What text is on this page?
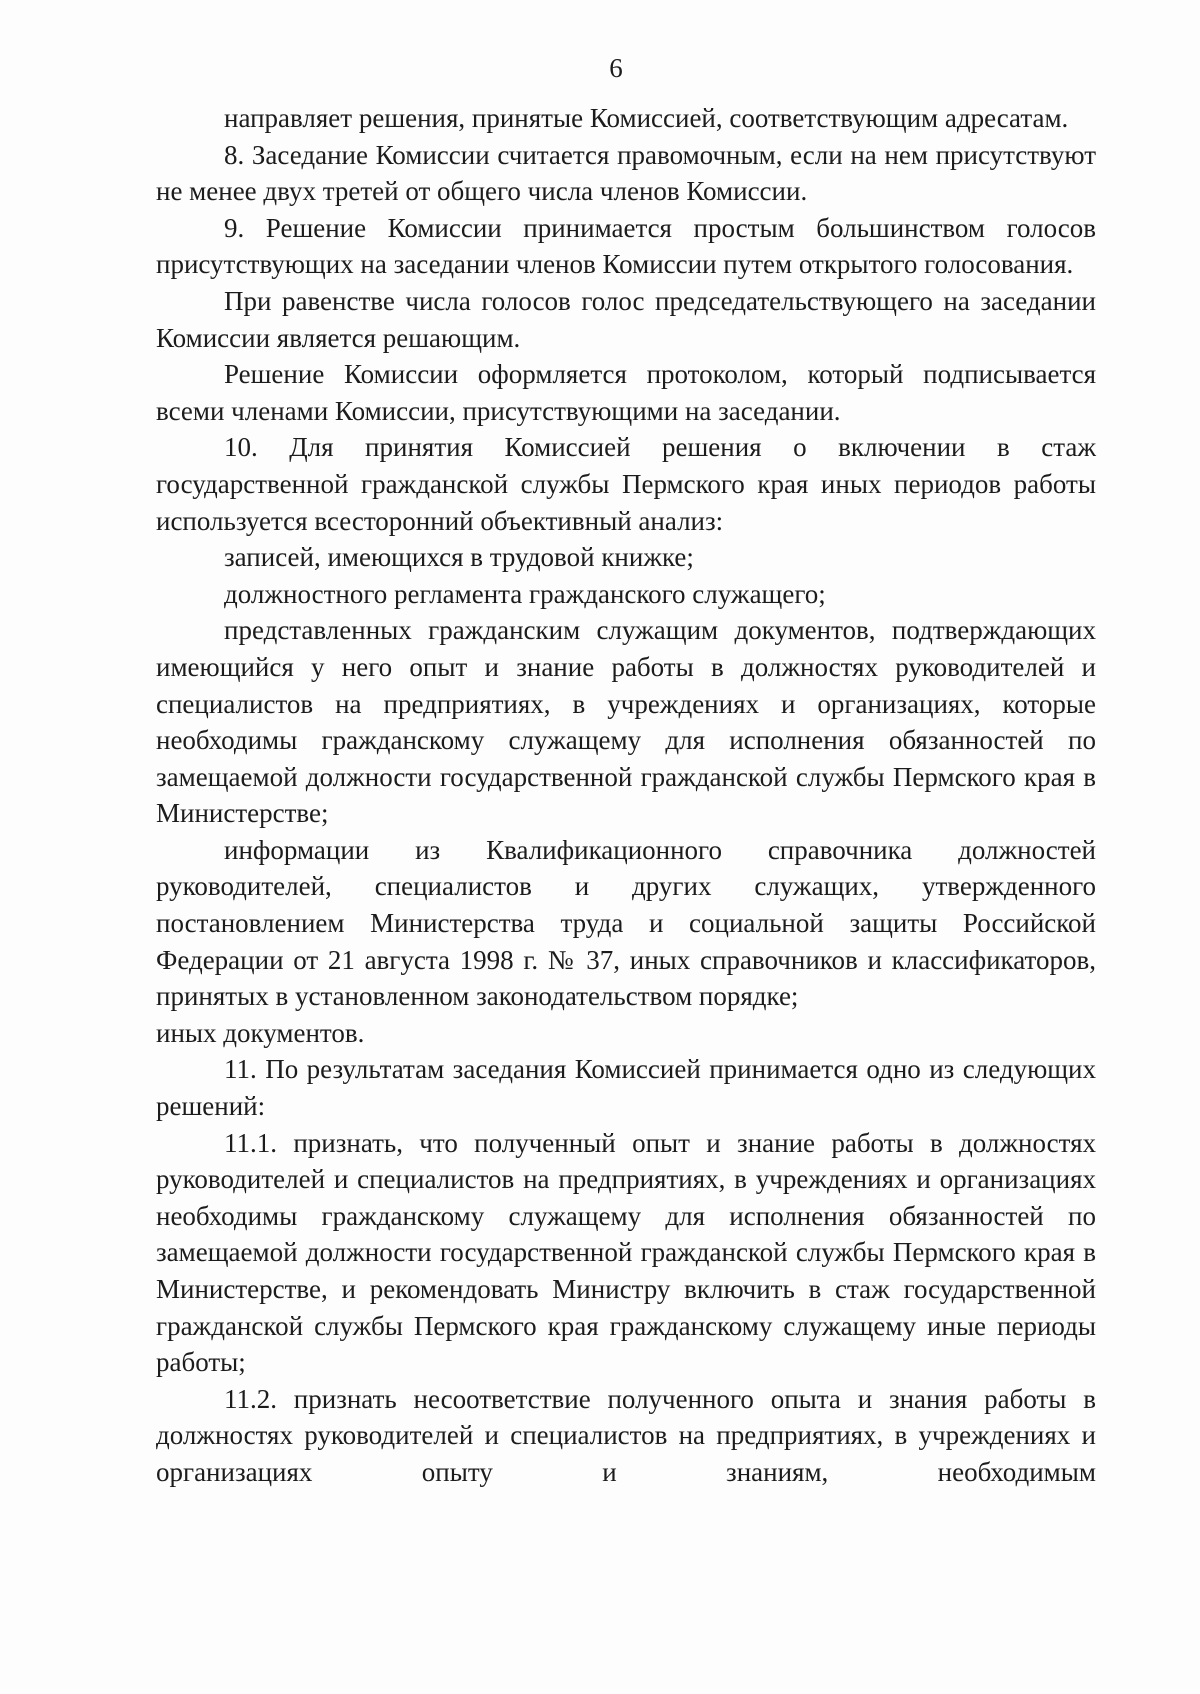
6

направляет решения, принятые Комиссией, соответствующим адресатам.

8. Заседание Комиссии считается правомочным, если на нем присутствуют не менее двух третей от общего числа членов Комиссии.

9. Решение Комиссии принимается простым большинством голосов присутствующих на заседании членов Комиссии путем открытого голосования.

При равенстве числа голосов голос председательствующего на заседании Комиссии является решающим.

Решение Комиссии оформляется протоколом, который подписывается всеми членами Комиссии, присутствующими на заседании.

10. Для принятия Комиссией решения о включении в стаж государственной гражданской службы Пермского края иных периодов работы используется всесторонний объективный анализ:

записей, имеющихся в трудовой книжке;

должностного регламента гражданского служащего;

представленных гражданским служащим документов, подтверждающих имеющийся у него опыт и знание работы в должностях руководителей и специалистов на предприятиях, в учреждениях и организациях, которые необходимы гражданскому служащему для исполнения обязанностей по замещаемой должности государственной гражданской службы Пермского края в Министерстве;

информации из Квалификационного справочника должностей руководителей, специалистов и других служащих, утвержденного постановлением Министерства труда и социальной защиты Российской Федерации от 21 августа 1998 г. № 37, иных справочников и классификаторов, принятых в установленном законодательством порядке;

иных документов.

11. По результатам заседания Комиссией принимается одно из следующих решений:

11.1. признать, что полученный опыт и знание работы в должностях руководителей и специалистов на предприятиях, в учреждениях и организациях необходимы гражданскому служащему для исполнения обязанностей по замещаемой должности государственной гражданской службы Пермского края в Министерстве, и рекомендовать Министру включить в стаж государственной гражданской службы Пермского края гражданскому служащему иные периоды работы;

11.2. признать несоответствие полученного опыта и знания работы в должностях руководителей и специалистов на предприятиях, в учреждениях и организациях опыту и знаниям, необходимым
